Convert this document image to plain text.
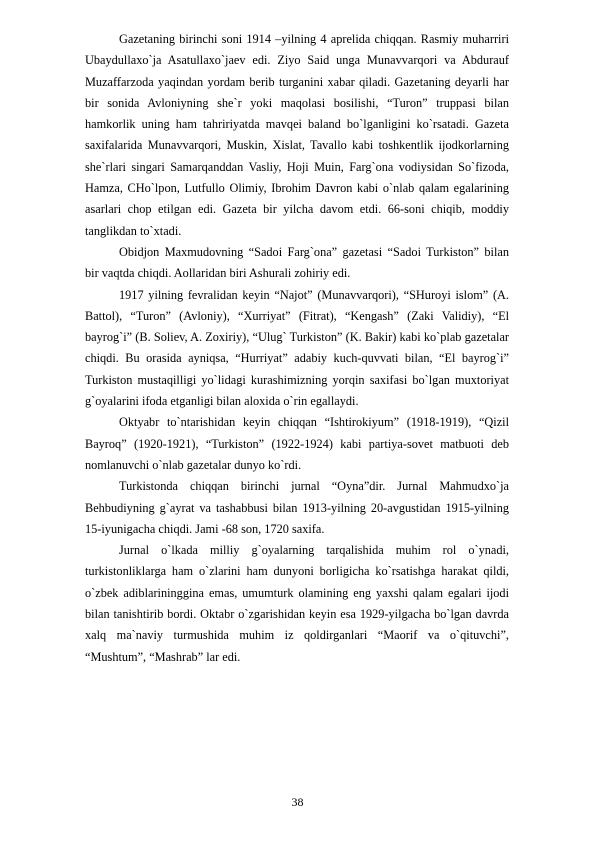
Gazetaning birinchi soni 1914 –yilning 4 aprelida chiqqan. Rasmiy muharriri Ubaydullaxo`ja Asatullaxo`jaev edi. Ziyo Said unga Munavvarqori va Abdurauf Muzaffarzoda yaqindan yordam berib turganini xabar qiladi. Gazetaning deyarli har bir sonida Avloniyning she`r yoki maqolasi bosilishi, “Turon” truppasi bilan hamkorlik uning ham tahririyatda mavqei baland bo`lganligini ko`rsatadi. Gazeta saxifalarida Munavvarqori, Muskin, Xislat, Tavallo kabi toshkentlik ijodkorlarning she`rlari singari Samarqanddan Vasliy, Hoji Muin, Farg`ona vodiysidan So`fizoda, Hamza, CHo`lpon, Lutfullo Olimiy, Ibrohim Davron kabi o`nlab qalam egalarining asarlari chop etilgan edi. Gazeta bir yilcha davom etdi. 66-soni chiqib, moddiy tanglikdan to`xtadi.

Obidjon Maxmudovning “Sadoi Farg`ona” gazetasi “Sadoi Turkiston” bilan bir vaqtda chiqdi. Aollaridan biri Ashurali zohiriy edi.

1917 yilning fevralidan keyin “Najot” (Munavvarqori), “SHuroyi islom” (A. Battol), “Turon” (Avloniy), “Xurriyat” (Fitrat), “Kengash” (Zaki Validiy), “El bayrog`i” (B. Soliev, A. Zoxiriy), “Ulug` Turkiston” (K. Bakir) kabi ko`plab gazetalar chiqdi. Bu orasida ayniqsa, “Hurriyat” adabiy kuch-quvvati bilan, “El bayrog`i” Turkiston mustaqilligi yo`lidagi kurashimizning yorqin saxifasi bo`lgan muxtoriyat g`oyalarini ifoda etganligi bilan aloxida o`rin egallaydi.

Oktyabr to`ntarishidan keyin chiqqan “Ishtirokiyum” (1918-1919), “Qizil Bayroq” (1920-1921), “Turkiston” (1922-1924) kabi partiya-sovet matbuoti deb nomlanuvchi o`nlab gazetalar dunyo ko`rdi.

Turkistonda chiqqan birinchi jurnal “Oyna”dir. Jurnal Mahmudxo`ja Behbudiyning g`ayrat va tashabbusi bilan 1913-yilning 20-avgustidan 1915-yilning 15-iyunigacha chiqdi. Jami -68 son, 1720 saxifa.

Jurnal o`lkada milliy g`oyalarning tarqalishida muhim rol o`ynadi, turkistonliklarga ham o`zlarini ham dunyoni borligicha ko`rsatishga harakat qildi, o`zbek adiblarininggina emas, umumturk olamining eng yaxshi qalam egalari ijodi bilan tanishtirib bordi. Oktabr o`zgarishidan keyin esa 1929-yilgacha bo`lgan davrda xalq ma`naviy turmushida muhim iz qoldirganlari “Maorif va o`qituvchi”, “Mushtum”, “Mashrab” lar edi.

38
